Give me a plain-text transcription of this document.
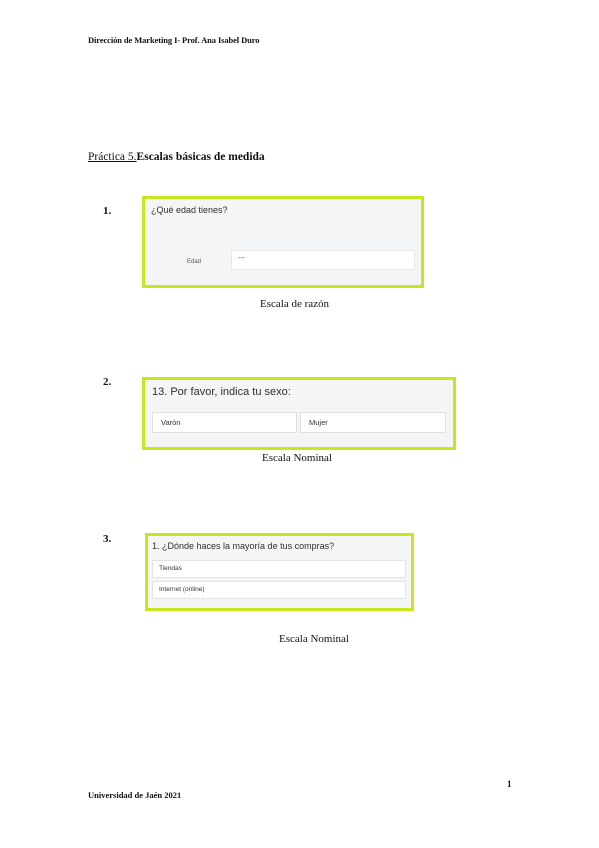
Dirección de Marketing I- Prof. Ana Isabel Duro
Práctica 5.Escalas básicas de medida
1.	¿Qué edad tienes?
Edad	---
Escala de razón
2.
13. Por favor, indica tu sexo:
Varón	Mujer
Escala Nominal
3.
1. ¿Dónde haces la mayoría de tus compras?
Tiendas
Internet (online)
Escala Nominal
1
Universidad de Jaén 2021
